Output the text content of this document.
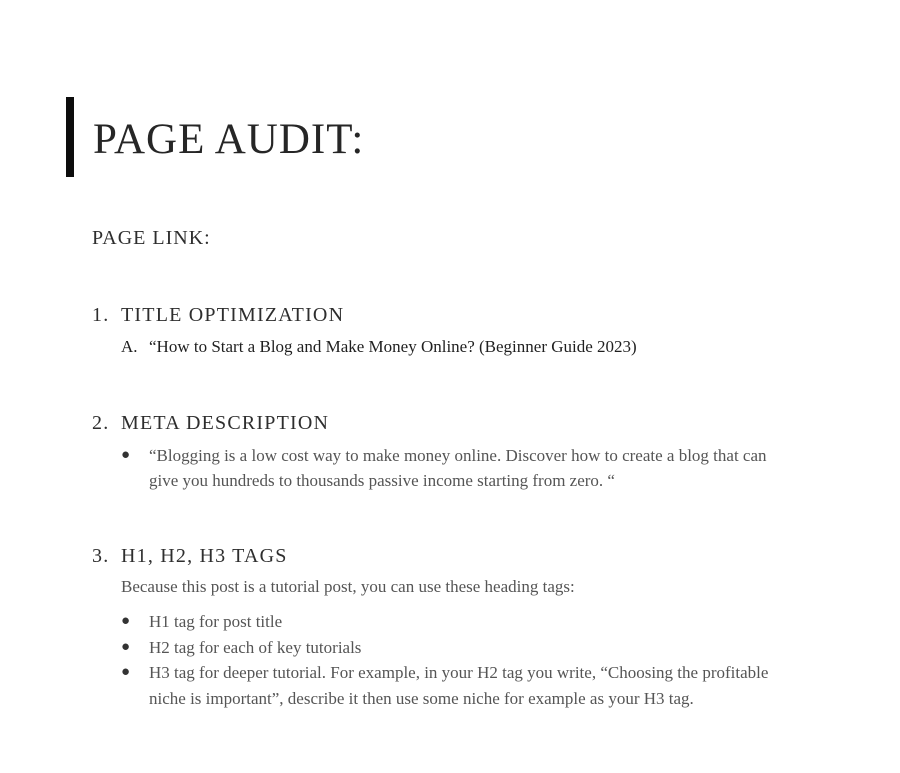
PAGE AUDIT:
PAGE LINK:
1. TITLE OPTIMIZATION
A. “How to Start a Blog and Make Money Online? (Beginner Guide 2023)
2. META DESCRIPTION
● “Blogging is a low cost way to make money online. Discover how to create a blog that can give you hundreds to thousands passive income starting from zero. “
3. H1, H2, H3 TAGS
Because this post is a tutorial post, you can use these heading tags:
● H1 tag for post title
● H2 tag for each of key tutorials
● H3 tag for deeper tutorial. For example, in your H2 tag you write, “Choosing the profitable niche is important”, describe it then use some niche for example as your H3 tag.
